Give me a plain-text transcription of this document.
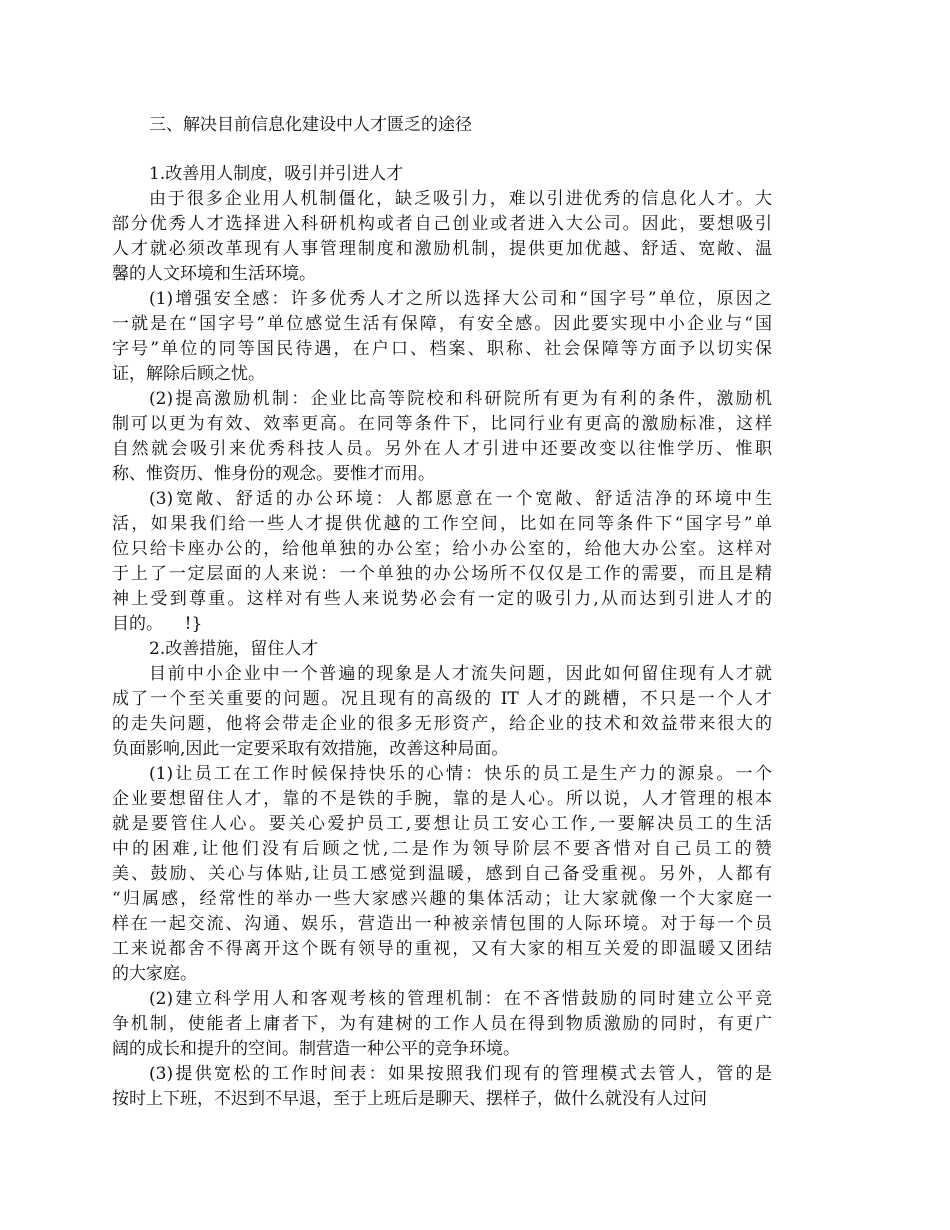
三、解决目前信息化建设中人才匮乏的途径
1.改善用人制度，吸引并引进人才
由于很多企业用人机制僵化，缺乏吸引力，难以引进优秀的信息化人才。大
部分优秀人才选择进入科研机构或者自己创业或者进入大公司。因此，要想吸引
人才就必须改革现有人事管理制度和激励机制，提供更加优越、舒适、宽敞、温
馨的人文环境和生活环境。
(1)增强安全感：许多优秀人才之所以选择大公司和“国字号”单位，原因之
一就是在“国字号”单位感觉生活有保障，有安全感。因此要实现中小企业与“国
字号”单位的同等国民待遇，在户口、档案、职称、社会保障等方面予以切实保
证，解除后顾之忧。
(2)提高激励机制：企业比高等院校和科研院所有更为有利的条件，激励机
制可以更为有效、效率更高。在同等条件下，比同行业有更高的激励标准，这样
自然就会吸引来优秀科技人员。另外在人才引进中还要改变以往惟学历、惟职
称、惟资历、惟身份的观念。要惟才而用。
(3)宽敞、舒适的办公环境：人都愿意在一个宽敞、舒适洁净的环境中生
活，如果我们给一些人才提供优越的工作空间，比如在同等条件下“国字号”单
位只给卡座办公的，给他单独的办公室；给小办公室的，给他大办公室。这样对
于上了一定层面的人来说：一个单独的办公场所不仅仅是工作的需要，而且是精
神上受到尊重。这样对有些人来说势必会有一定的吸引力,从而达到引进人才的
目的。    !}
2.改善措施，留住人才
目前中小企业中一个普遍的现象是人才流失问题，因此如何留住现有人才就
成了一个至关重要的问题。况且现有的高级的 IT 人才的跳槽，不只是一个人才
的走失问题，他将会带走企业的很多无形资产，给企业的技术和效益带来很大的
负面影响,因此一定要采取有效措施，改善这种局面。
(1)让员工在工作时候保持快乐的心情：快乐的员工是生产力的源泉。一个
企业要想留住人才，靠的不是铁的手腕，靠的是人心。所以说，人才管理的根本
就是要管住人心。要关心爱护员工,要想让员工安心工作,一要解决员工的生活
中的困难,让他们没有后顾之忧,二是作为领导阶层不要吝惜对自己员工的赞
美、鼓励、关心与体贴,让员工感觉到温暖，感到自己备受重视。另外，人都有
“归属感，经常性的举办一些大家感兴趣的集体活动；让大家就像一个大家庭一
样在一起交流、沟通、娱乐，营造出一种被亲情包围的人际环境。对于每一个员
工来说都舍不得离开这个既有领导的重视，又有大家的相互关爱的即温暖又团结
的大家庭。
(2)建立科学用人和客观考核的管理机制：在不吝惜鼓励的同时建立公平竞
争机制，使能者上庸者下，为有建树的工作人员在得到物质激励的同时，有更广
阔的成长和提升的空间。制营造一种公平的竞争环境。
(3)提供宽松的工作时间表：如果按照我们现有的管理模式去管人，管的是
按时上下班，不迟到不早退，至于上班后是聊天、摆样子，做什么就没有人过问
